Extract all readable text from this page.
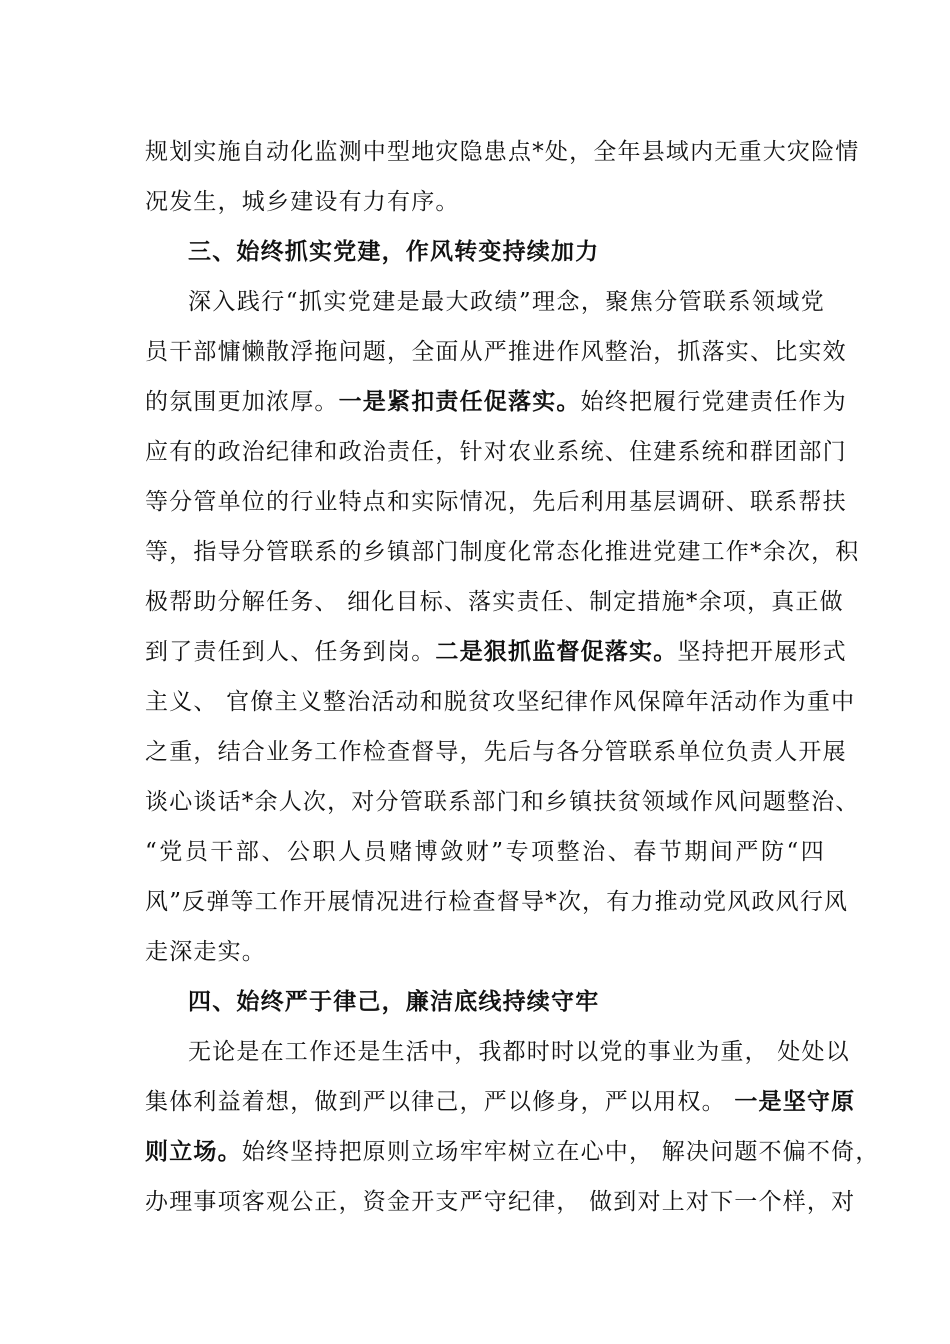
规划实施自动化监测中型地灾隐患点*处，全年县域内无重大灾险情
况发生，城乡建设有力有序。
三、始终抓实党建，作风转变持续加力
深入践行“抓实党建是最大政绩”理念，聚焦分管联系领域党
员干部慵懒散浮拖问题，全面从严推进作风整治，抓落实、比实效
的氛围更加浓厚。一是紧扣责任促落实。始终把履行党建责任作为
应有的政治纪律和政治责任，针对农业系统、住建系统和群团部门
等分管单位的行业特点和实际情况，先后利用基层调研、联系帮扶
等，指导分管联系的乡镇部门制度化常态化推进党建工作*余次，积
极帮助分解任务、 细化目标、落实责任、制定措施*余项，真正做
到了责任到人、任务到岗。二是狠抓监督促落实。坚持把开展形式
主义、 官僚主义整治活动和脱贫攻坚纪律作风保障年活动作为重中
之重，结合业务工作检查督导，先后与各分管联系单位负责人开展
谈心谈话*余人次，对分管联系部门和乡镇扶贫领域作风问题整治、
“党员干部、公职人员赌博敛财”专项整治、春节期间严防“四
风”反弹等工作开展情况进行检查督导*次，有力推动党风政风行风
走深走实。
四、始终严于律己，廉洁底线持续守牢
无论是在工作还是生活中，我都时时以党的事业为重， 处处以
集体利益着想，做到严以律己，严以修身，严以用权。 一是坚守原
则立场。始终坚持把原则立场牢牢树立在心中， 解决问题不偏不倚，
办理事项客观公正，资金开支严守纪律， 做到对上对下一个样，对
